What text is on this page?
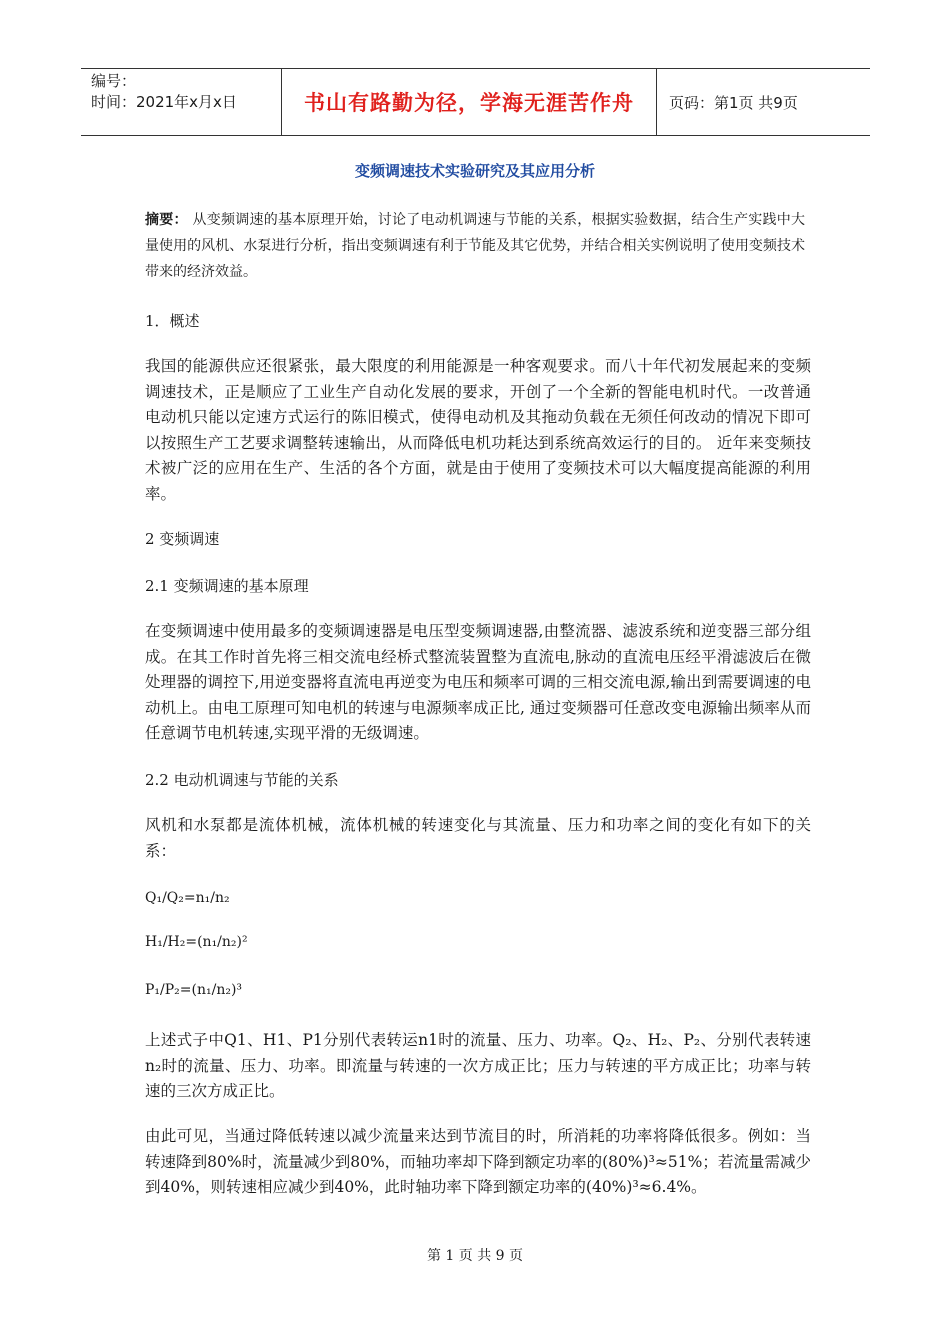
编号：
时间：2021年x月x日	书山有路勤为径，学海无涯苦作舟	页码：第1页 共9页
变频调速技术实验研究及其应用分析
摘要： 从变频调速的基本原理开始，讨论了电动机调速与节能的关系，根据实验数据，结合生产实践中大量使用的风机、水泵进行分析，指出变频调速有利于节能及其它优势，并结合相关实例说明了使用变频技术带来的经济效益。
1．概述
我国的能源供应还很紧张，最大限度的利用能源是一种客观要求。而八十年代初发展起来的变频调速技术，正是顺应了工业生产自动化发展的要求，开创了一个全新的智能电机时代。一改普通电动机只能以定速方式运行的陈旧模式，使得电动机及其拖动负载在无须任何改动的情况下即可以按照生产工艺要求调整转速输出，从而降低电机功耗达到系统高效运行的目的。 近年来变频技术被广泛的应用在生产、生活的各个方面，就是由于使用了变频技术可以大幅度提高能源的利用率。
2 变频调速
2.1 变频调速的基本原理
在变频调速中使用最多的变频调速器是电压型变频调速器,由整流器、滤波系统和逆变器三部分组成。在其工作时首先将三相交流电经桥式整流装置整为直流电,脉动的直流电压经平滑滤波后在微处理器的调控下,用逆变器将直流电再逆变为电压和频率可调的三相交流电源,输出到需要调速的电动机上。由电工原理可知电机的转速与电源频率成正比, 通过变频器可任意改变电源输出频率从而任意调节电机转速,实现平滑的无级调速。
2.2 电动机调速与节能的关系
风机和水泵都是流体机械，流体机械的转速变化与其流量、压力和功率之间的变化有如下的关系：
Q₁/Q₂=n₁/n₂
H₁/H₂=(n₁/n₂)²
P₁/P₂=(n₁/n₂)³
上述式子中Q1、H1、P1分别代表转运n1时的流量、压力、功率。Q₂、H₂、P₂、分别代表转速n₂时的流量、压力、功率。即流量与转速的一次方成正比；压力与转速的平方成正比；功率与转速的三次方成正比。
由此可见，当通过降低转速以减少流量来达到节流目的时，所消耗的功率将降低很多。例如：当转速降到80%时，流量减少到80%，而轴功率却下降到额定功率的(80%)³≈51%；若流量需减少到40%，则转速相应减少到40%，此时轴功率下降到额定功率的(40%)³≈6.4%。
第 1 页 共 9 页
